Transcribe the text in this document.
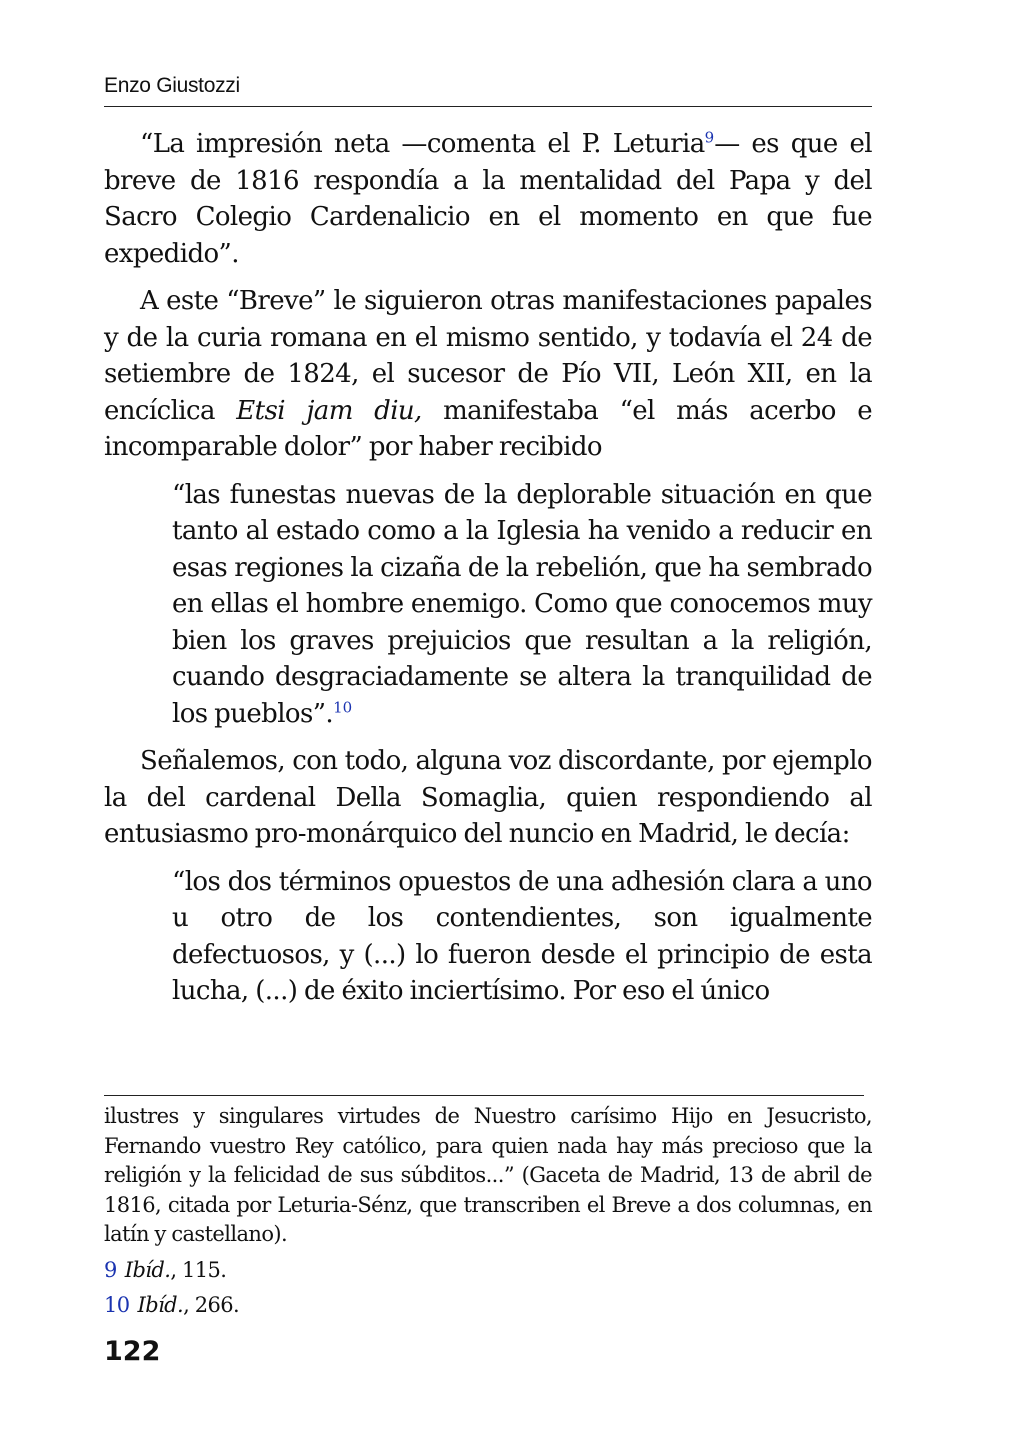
Enzo Giustozzi

“La impresión neta —comenta el P. Leturia$^9$— es que el breve de 1816 respondía a la mentalidad del Papa y del Sacro Colegio Cardenalicio en el momento en que fue expedido”.

A este “Breve” le siguieron otras manifestaciones papales y de la curia romana en el mismo sentido, y todavía el 24 de setiembre de 1824, el sucesor de Pío VII, León XII, en la encíclica Etsi jam diu, manifestaba “el más acerbo e incomparable dolor” por haber recibido

“las funestas nuevas de la deplorable situación en que tanto al estado como a la Iglesia ha venido a reducir en esas regiones la cizaña de la rebelión, que ha sembrado en ellas el hombre enemigo. Como que conocemos muy bien los graves prejuicios que resultan a la religión, cuando desgraciadamente se altera la tranquilidad de los pueblos”.$^{10}$

Señalemos, con todo, alguna voz discordante, por ejemplo la del cardenal Della Somaglia, quien respondiendo al entusiasmo pro-monárquico del nuncio en Madrid, le decía:

“los dos términos opuestos de una adhesión clara a uno u otro de los contendientes, son igualmente defectuosos, y (...) lo fueron desde el principio de esta lucha, (...) de éxito inciertísimo. Por eso el único

ilustres y singulares virtudes de Nuestro carísimo Hijo en Jesucristo, Fernando vuestro Rey católico, para quien nada hay más precioso que la religión y la felicidad de sus súbditos...” (Gaceta de Madrid, 13 de abril de 1816, citada por Leturia-Sénz, que transcriben el Breve a dos columnas, en latín y castellano).

9 Ibíd., 115.

10 Ibíd., 266.

122
